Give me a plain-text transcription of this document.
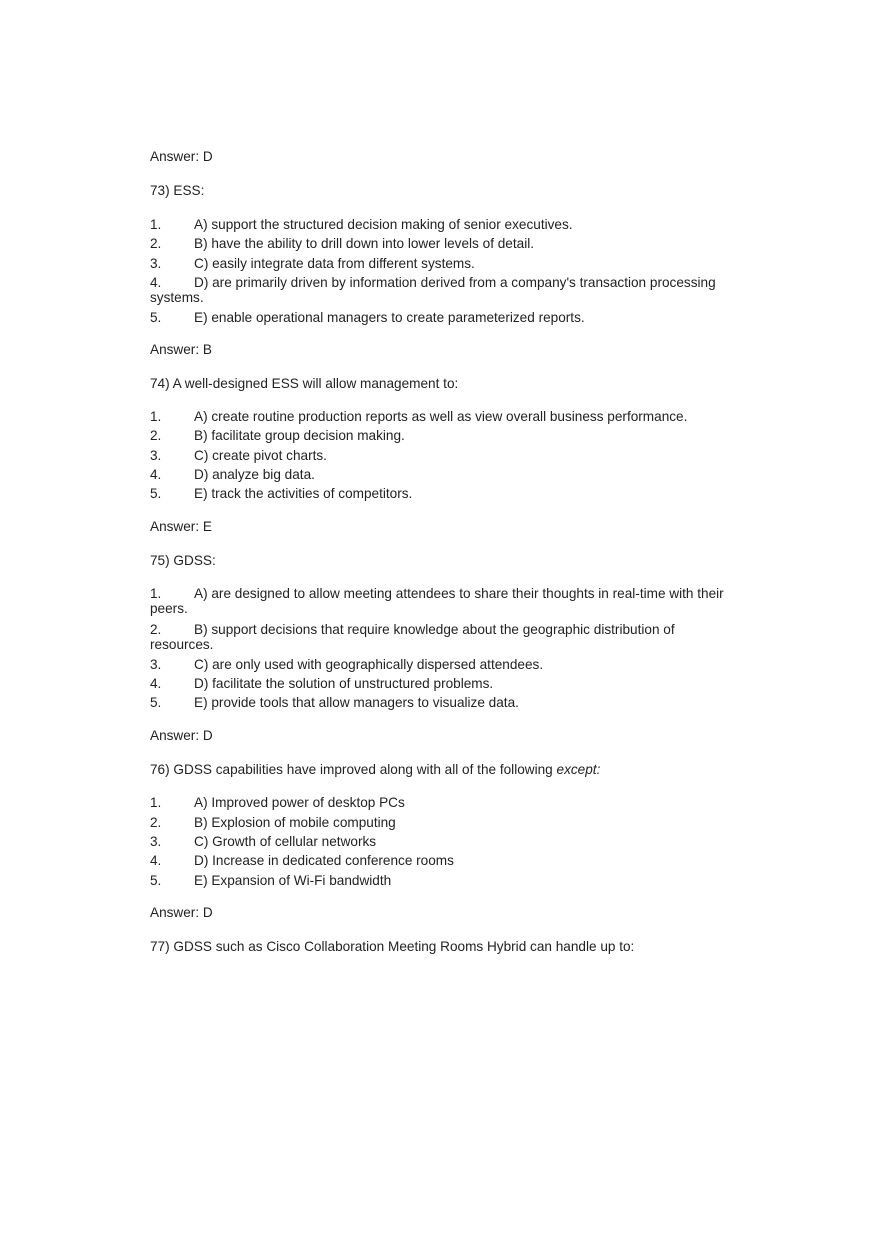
Answer: D
73) ESS:
1. A) support the structured decision making of senior executives.
2. B) have the ability to drill down into lower levels of detail.
3. C) easily integrate data from different systems.
4. D) are primarily driven by information derived from a company's transaction processing systems.
5. E) enable operational managers to create parameterized reports.
Answer: B
74) A well-designed ESS will allow management to:
1. A) create routine production reports as well as view overall business performance.
2. B) facilitate group decision making.
3. C) create pivot charts.
4. D) analyze big data.
5. E) track the activities of competitors.
Answer: E
75) GDSS:
1. A) are designed to allow meeting attendees to share their thoughts in real-time with their peers.
2. B) support decisions that require knowledge about the geographic distribution of resources.
3. C) are only used with geographically dispersed attendees.
4. D) facilitate the solution of unstructured problems.
5. E) provide tools that allow managers to visualize data.
Answer: D
76) GDSS capabilities have improved along with all of the following except:
1. A) Improved power of desktop PCs
2. B) Explosion of mobile computing
3. C) Growth of cellular networks
4. D) Increase in dedicated conference rooms
5. E) Expansion of Wi-Fi bandwidth
Answer: D
77) GDSS such as Cisco Collaboration Meeting Rooms Hybrid can handle up to:
